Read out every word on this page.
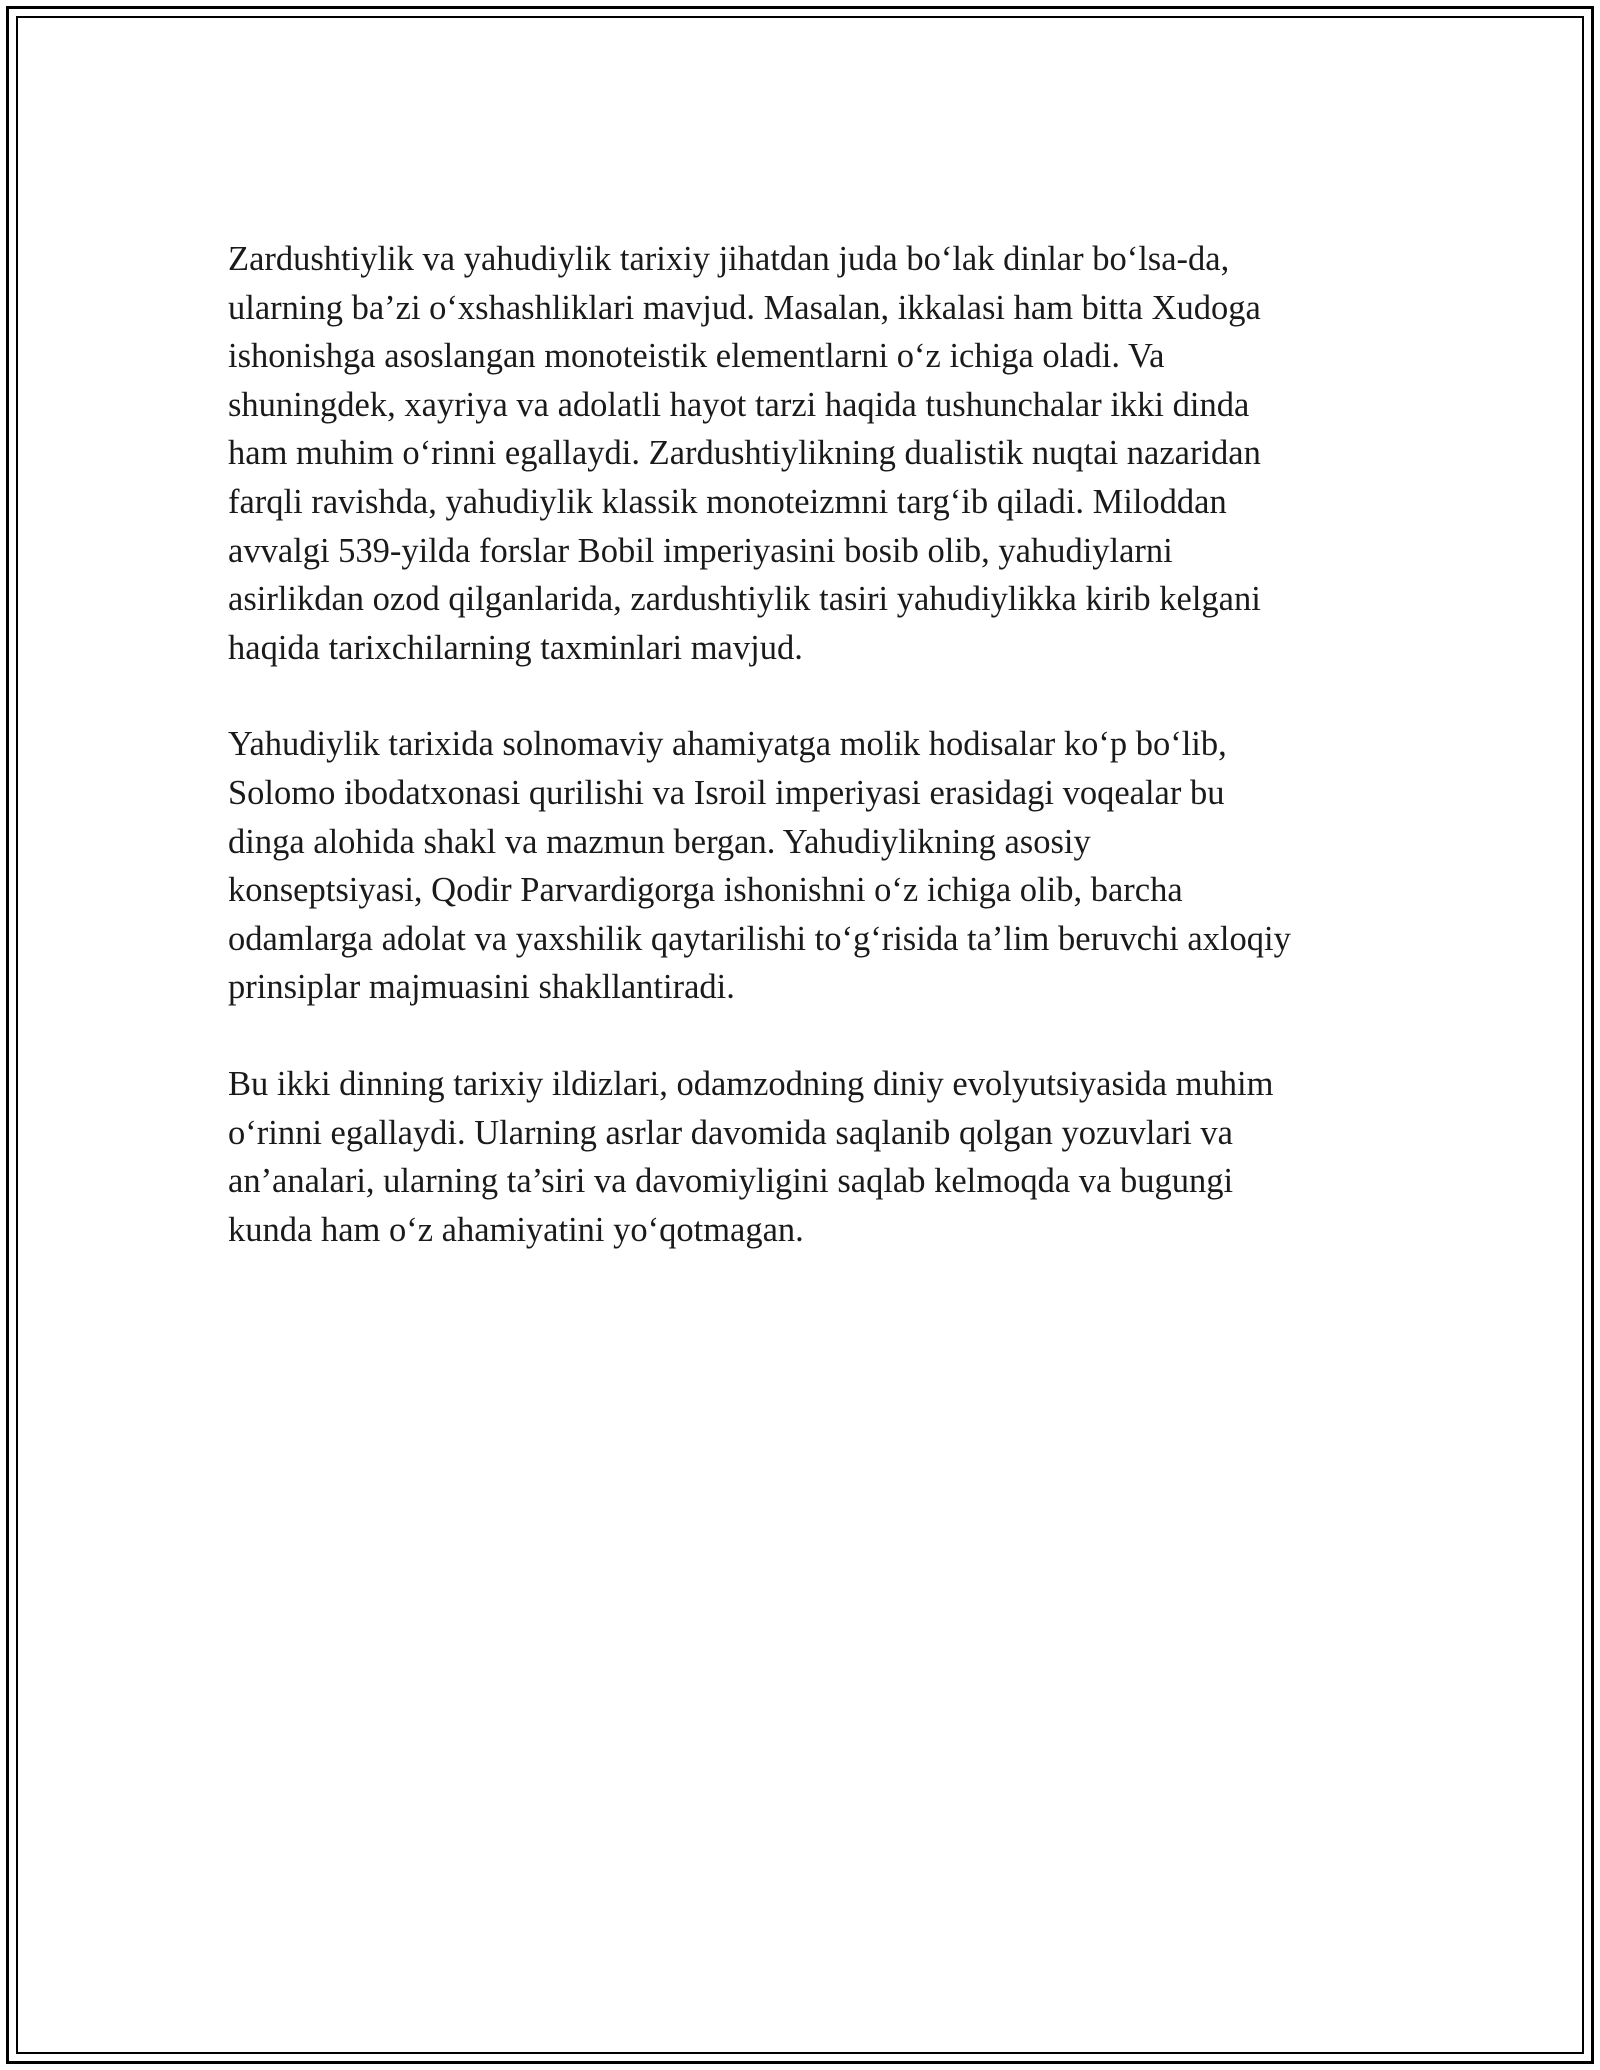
Zardushtiylik va yahudiylik tarixiy jihatdan juda bo‘lak dinlar bo‘lsa-da,
ularning ba’zi o‘xshashliklari mavjud. Masalan, ikkalasi ham bitta Xudoga
ishonishga asoslangan monoteistik elementlarni o‘z ichiga oladi. Va
shuningdek, xayriya va adolatli hayot tarzi haqida tushunchalar ikki dinda
ham muhim o‘rinni egallaydi. Zardushtiylikning dualistik nuqtai nazaridan
farqli ravishda, yahudiylik klassik monoteizmni targ‘ib qiladi. Miloddan
avvalgi 539-yilda forslar Bobil imperiyasini bosib olib, yahudiylarni
asirlikdan ozod qilganlarida, zardushtiylik tasiri yahudiylikka kirib kelgani
haqida tarixchilarning taxminlari mavjud.

Yahudiylik tarixida solnomaviy ahamiyatga molik hodisalar ko‘p bo‘lib,
Solomo ibodatxonasi qurilishi va Isroil imperiyasi erasidagi voqealar bu
dinga alohida shakl va mazmun bergan. Yahudiylikning asosiy
konseptsiyasi, Qodir Parvardigorga ishonishni o‘z ichiga olib, barcha
odamlarga adolat va yaxshilik qaytarilishi to‘g‘risida ta’lim beruvchi axloqiy
prinsiplar majmuasini shakllantiradi.

Bu ikki dinning tarixiy ildizlari, odamzodning diniy evolyutsiyasida muhim
o‘rinni egallaydi. Ularning asrlar davomida saqlanib qolgan yozuvlari va
an’analari, ularning ta’siri va davomiyligini saqlab kelmoqda va bugungi
kunda ham o‘z ahamiyatini yo‘qotmagan.
